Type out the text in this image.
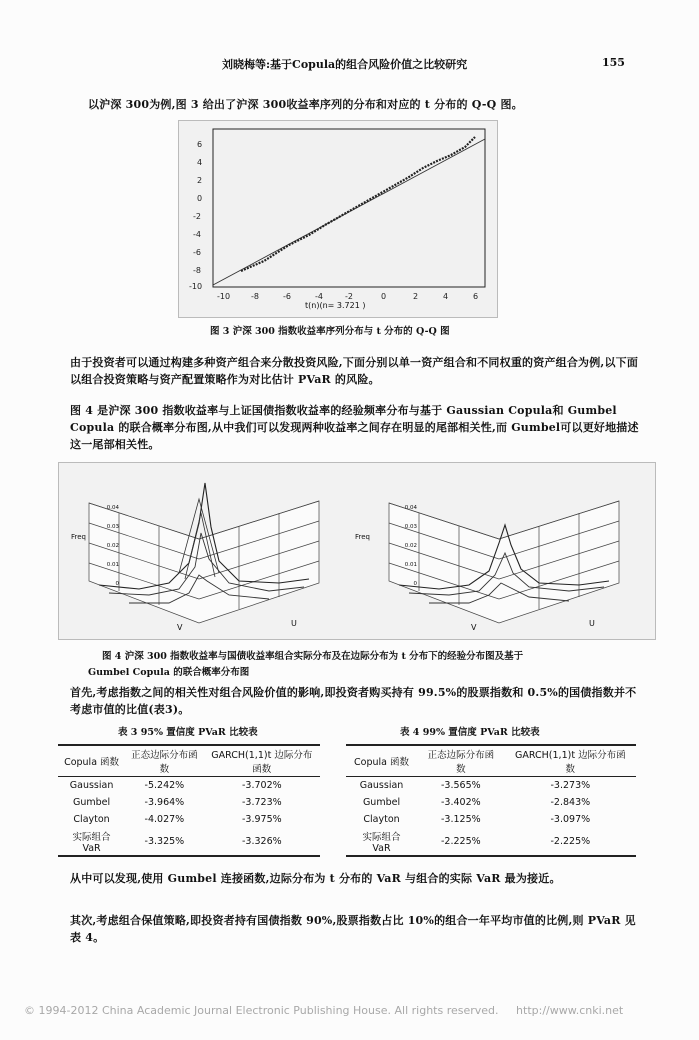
刘晓梅等:基于Copula的组合风险价值之比较研究	155
以沪深 300为例,图 3 给出了沪深 300收益率序列的分布和对应的 t 分布的 Q-Q 图。
6
4
2
0
-2
-4
-6
-8
-10
-10	-8	-6	-4	-2	0	2	4	6
t(n)(n= 3.721 )
图 3 沪深 300 指数收益率序列分布与 t 分布的 Q-Q 图
由于投资者可以通过构建多种资产组合来分散投资风险,下面分别以单一资产组合和不同权重的资产组合为例,以下面以组合投资策略与资产配置策略作为对比估计 PVaR 的风险。
图 4 是沪深 300 指数收益率与上证国债指数收益率的经验频率分布与基于 Gaussian Copula和 Gumbel Copula 的联合概率分布图,从中我们可以发现两种收益率之间存在明显的尾部相关性,而 Gumbel可以更好地描述这一尾部相关性。
0.04
0.03
0.02
0.01
0
Freq
V	U
0.04
0.03
0.02
0.01
0
Freq
V	U
图 4 沪深 300 指数收益率与国债收益率组合实际分布及在边际分布为 t 分布下的经验分布图及基于
Gumbel Copula 的联合概率分布图
首先,考虑指数之间的相关性对组合风险价值的影响,即投资者购买持有 99.5%的股票指数和 0.5%的国债指数并不考虑市值的比值(表3)。
表 3 95% 置信度 PVaR 比较表
Copula 函数	正态边际分布函数	GARCH(1,1)t 边际分布函数
Gaussian	-5.242%	-3.702%
Gumbel	-3.964%	-3.723%
Clayton	-4.027%	-3.975%
实际组合 VaR	-3.325%	-3.326%
表 4 99% 置信度 PVaR 比较表
Copula 函数	正态边际分布函数	GARCH(1,1)t 边际分布函数
Gaussian	-3.565%	-3.273%
Gumbel	-3.402%	-2.843%
Clayton	-3.125%	-3.097%
实际组合 VaR	-2.225%	-2.225%
从中可以发现,使用 Gumbel 连接函数,边际分布为 t 分布的 VaR 与组合的实际 VaR 最为接近。
其次,考虑组合保值策略,即投资者持有国债指数 90%,股票指数占比 10%的组合一年平均市值的比例,则 PVaR 见表 4。
© 1994-2012 China Academic Journal Electronic Publishing House. All rights reserved. http://www.cnki.net
